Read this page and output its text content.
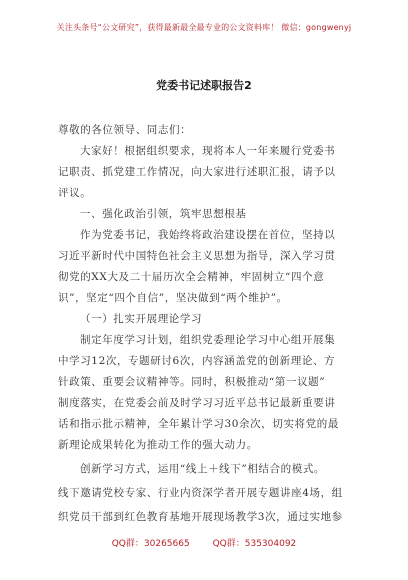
关注头条号“公文研究”，获得最新最全最专业的公文资料库！ 微信：gongwenyj
党委书记述职报告2
尊敬的各位领导、同志们：
大家好！根据组织要求，现将本人一年来履行党委书
记职责、抓党建工作情况，向大家进行述职汇报，请予以
评议。
一、强化政治引领，筑牢思想根基
作为党委书记，我始终将政治建设摆在首位，坚持以
习近平新时代中国特色社会主义思想为指导，深入学习贯
彻党的XX大及二十届历次全会精神，牢固树立“四个意
识”，坚定“四个自信”，坚决做到“两个维护”。
（一）扎实开展理论学习
制定年度学习计划，组织党委理论学习中心组开展集
中学习12次，专题研讨6次，内容涵盖党的创新理论、方
针政策、重要会议精神等。同时，积极推动“第一议题”
制度落实，在党委会前及时学习习近平总书记最新重要讲
话和指示批示精神，全年累计学习30余次，切实将党的最
新理论成果转化为推动工作的强大动力。
创新学习方式，运用“线上＋线下”相结合的模式。
线下邀请党校专家、行业内资深学者开展专题讲座4场，组
织党员干部到红色教育基地开展现场教学3次，通过实地参
QQ群：30265665	QQ群：535304092
